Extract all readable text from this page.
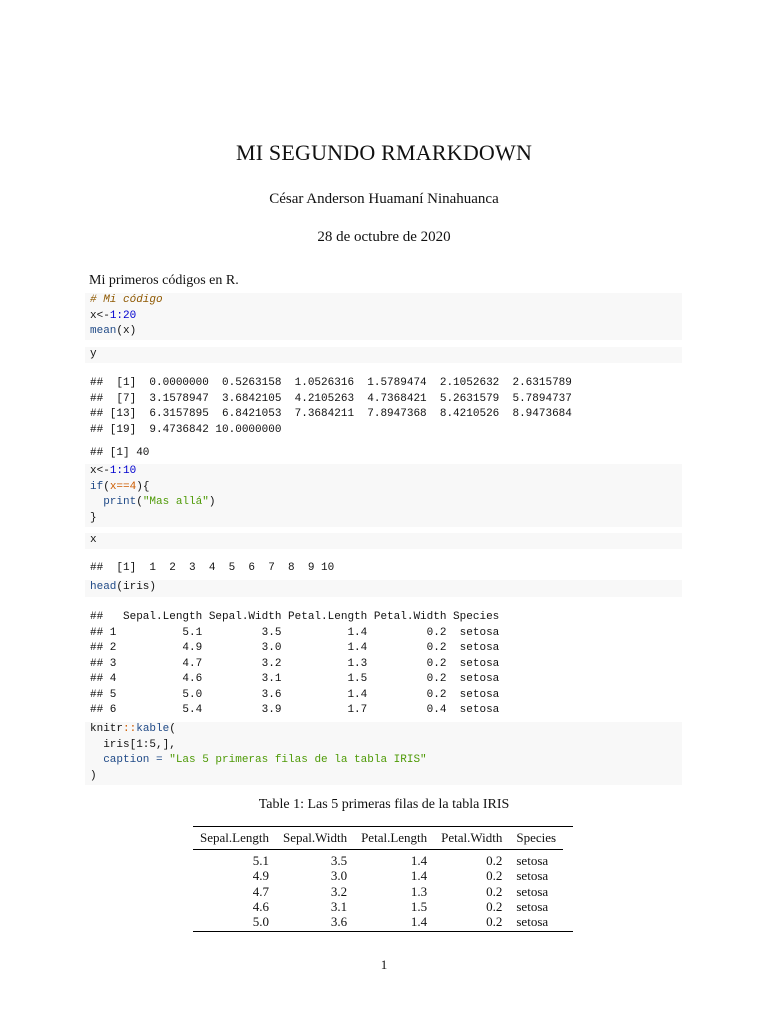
MI SEGUNDO RMARKDOWN
César Anderson Huamaní Ninahuanca
28 de octubre de 2020
Mi primeros códigos en R.
# Mi código
x<-1:20
mean(x)
y
##  [1]  0.0000000  0.5263158  1.0526316  1.5789474  2.1052632  2.6315789
##  [7]  3.1578947  3.6842105  4.2105263  4.7368421  5.2631579  5.7894737
## [13]  6.3157895  6.8421053  7.3684211  7.8947368  8.4210526  8.9473684
## [19]  9.4736842 10.0000000
## [1] 40
x<-1:10
if(x==4){
print("Mas allá")
}
x
##  [1]  1  2  3  4  5  6  7  8  9 10
head(iris)
##   Sepal.Length Sepal.Width Petal.Length Petal.Width Species
## 1          5.1         3.5          1.4         0.2  setosa
## 2          4.9         3.0          1.4         0.2  setosa
## 3          4.7         3.2          1.3         0.2  setosa
## 4          4.6         3.1          1.5         0.2  setosa
## 5          5.0         3.6          1.4         0.2  setosa
## 6          5.4         3.9          1.7         0.4  setosa
knitr::kable(
iris[1:5,],
caption = "Las 5 primeras filas de la tabla IRIS"
)
Table 1: Las 5 primeras filas de la tabla IRIS
Sepal.Length	Sepal.Width	Petal.Length	Petal.Width	Species
5.1	3.5	1.4	0.2	setosa
4.9	3.0	1.4	0.2	setosa
4.7	3.2	1.3	0.2	setosa
4.6	3.1	1.5	0.2	setosa
5.0	3.6	1.4	0.2	setosa
1
